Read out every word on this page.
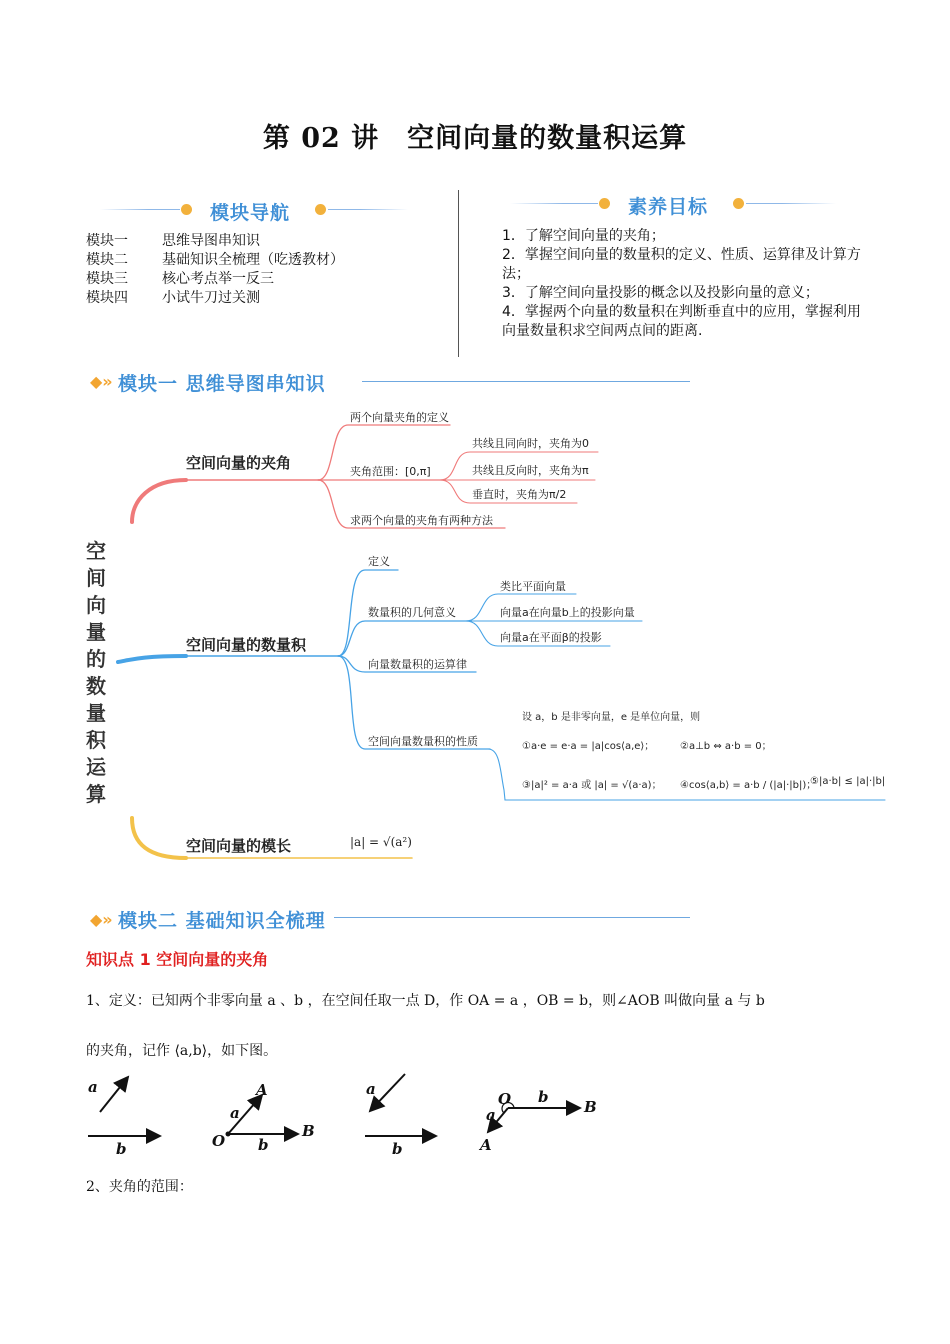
第 02 讲　空间向量的数量积运算
模块导航
模块一	思维导图串知识
模块二	基础知识全梳理（吃透教材）
模块三	核心考点举一反三
模块四	小试牛刀过关测
素养目标
1．了解空间向量的夹角；
2．掌握空间向量的数量积的定义、性质、运算律及计算方法；
3．了解空间向量投影的概念以及投影向量的意义；
4．掌握两个向量的数量积在判断垂直中的应用，掌握利用向量数量积求空间两点间的距离.
◆» 模块一 思维导图串知识
空
间
向
量
的
数
量
积
运
算
空间向量的夹角
两个向量夹角的定义
夹角范围：[0,π]
求两个向量的夹角有两种方法
共线且同向时，夹角为0
共线且反向时，夹角为π
垂直时，夹角为π/2
空间向量的数量积
定义
数量积的几何意义
向量数量积的运算律
空间向量数量积的性质
类比平面向量
向量a在向量b上的投影向量
向量a在平面β的投影
设 a，b 是非零向量，e 是单位向量，则
①a·e = e·a = |a|cos⟨a,e⟩；	②a⊥b ⇔ a·b = 0；
③|a|² = a·a 或 |a| = √(a·a)； ④cos⟨a,b⟩ = a·b / (|a|·|b|)；
⑤|a·b| ≤ |a|·|b|
空间向量的模长	|a| = √(a²)
◆» 模块二 基础知识全梳理
知识点 1 空间向量的夹角
1、定义：已知两个非零向量 a 、b ，在空间任取一点 D，作 OA = a ，OB = b，则∠AOB 叫做向量 a 与 b
的夹角，记作 ⟨a,b⟩，如下图。
a
b
a
A
O b
B
a
b
O b
B
a
A
2、夹角的范围：
